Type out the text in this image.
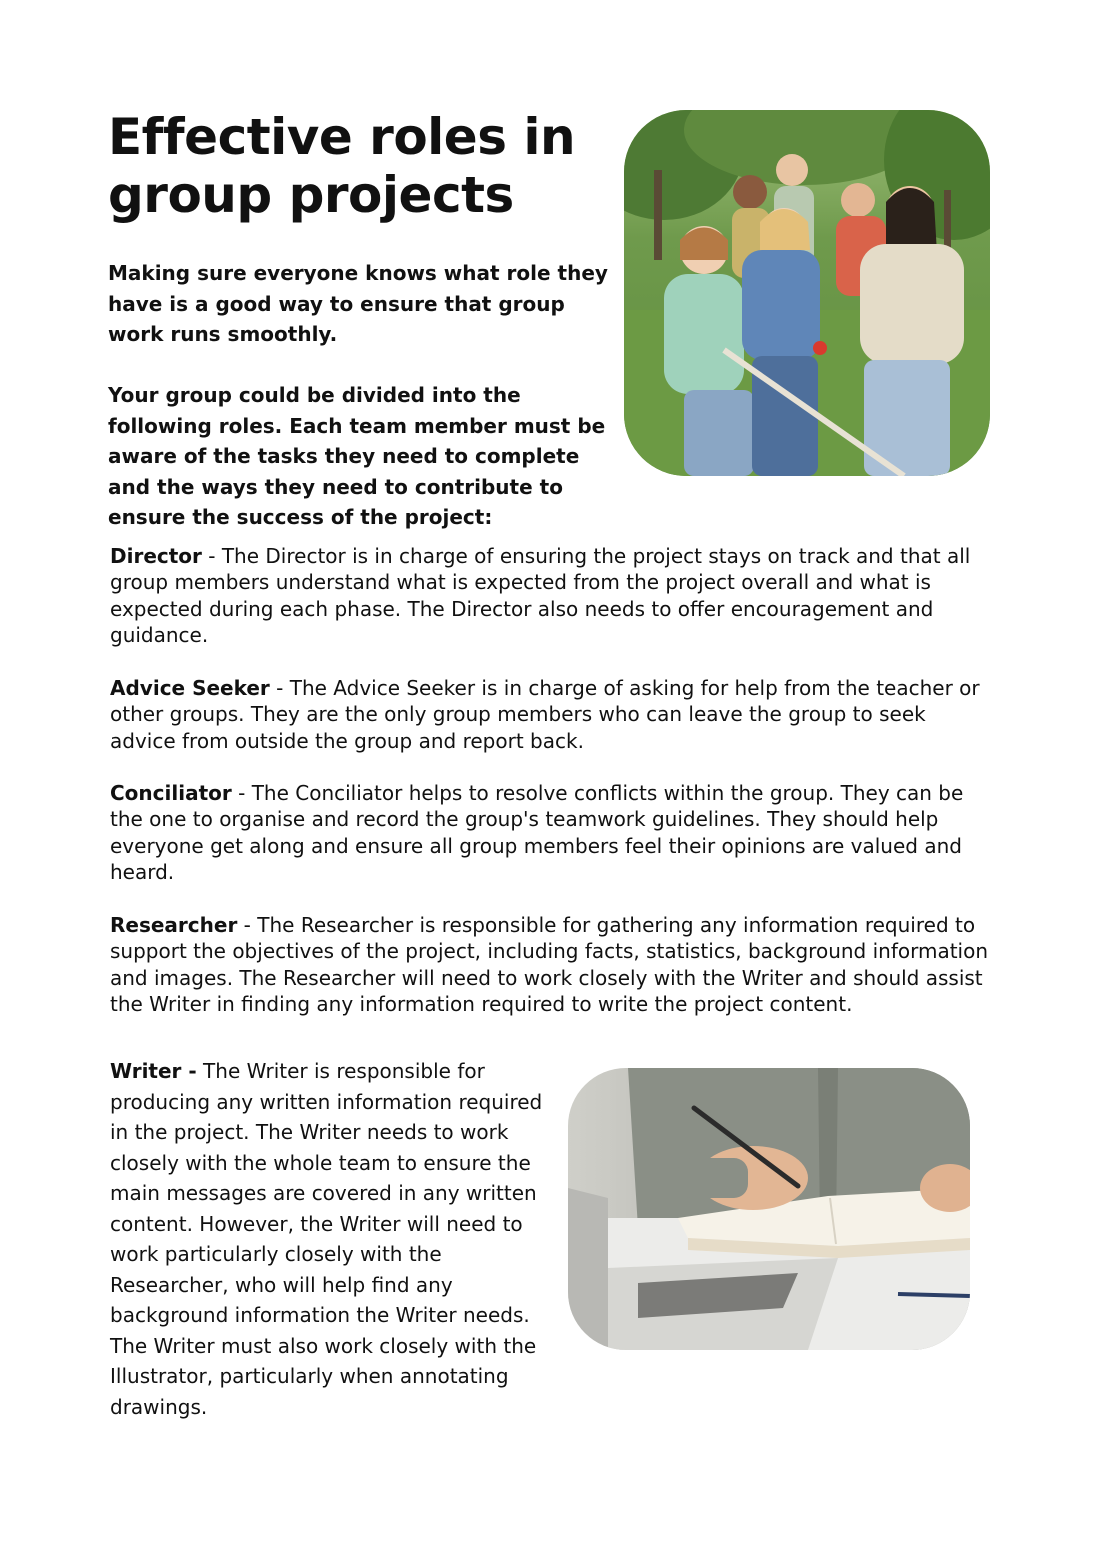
Effective roles in group projects

Making sure everyone knows what role they have is a good way to ensure that group work runs smoothly.

Your group could be divided into the following roles. Each team member must be aware of the tasks they need to complete and the ways they need to contribute to ensure the success of the project:

Director - The Director is in charge of ensuring the project stays on track and that all group members understand what is expected from the project overall and what is expected during each phase. The Director also needs to offer encouragement and guidance.

Advice Seeker - The Advice Seeker is in charge of asking for help from the teacher or other groups. They are the only group members who can leave the group to seek advice from outside the group and report back.

Conciliator - The Conciliator helps to resolve conflicts within the group. They can be the one to organise and record the group's teamwork guidelines. They should help everyone get along and ensure all group members feel their opinions are valued and heard.

Researcher - The Researcher is responsible for gathering any information required to support the objectives of the project, including facts, statistics, background information and images. The Researcher will need to work closely with the Writer and should assist the Writer in finding any information required to write the project content.

Writer - The Writer is responsible for producing any written information required in the project. The Writer needs to work closely with the whole team to ensure the main messages are covered in any written content. However, the Writer will need to work particularly closely with the Researcher, who will help find any background information the Writer needs. The Writer must also work closely with the Illustrator, particularly when annotating drawings.
